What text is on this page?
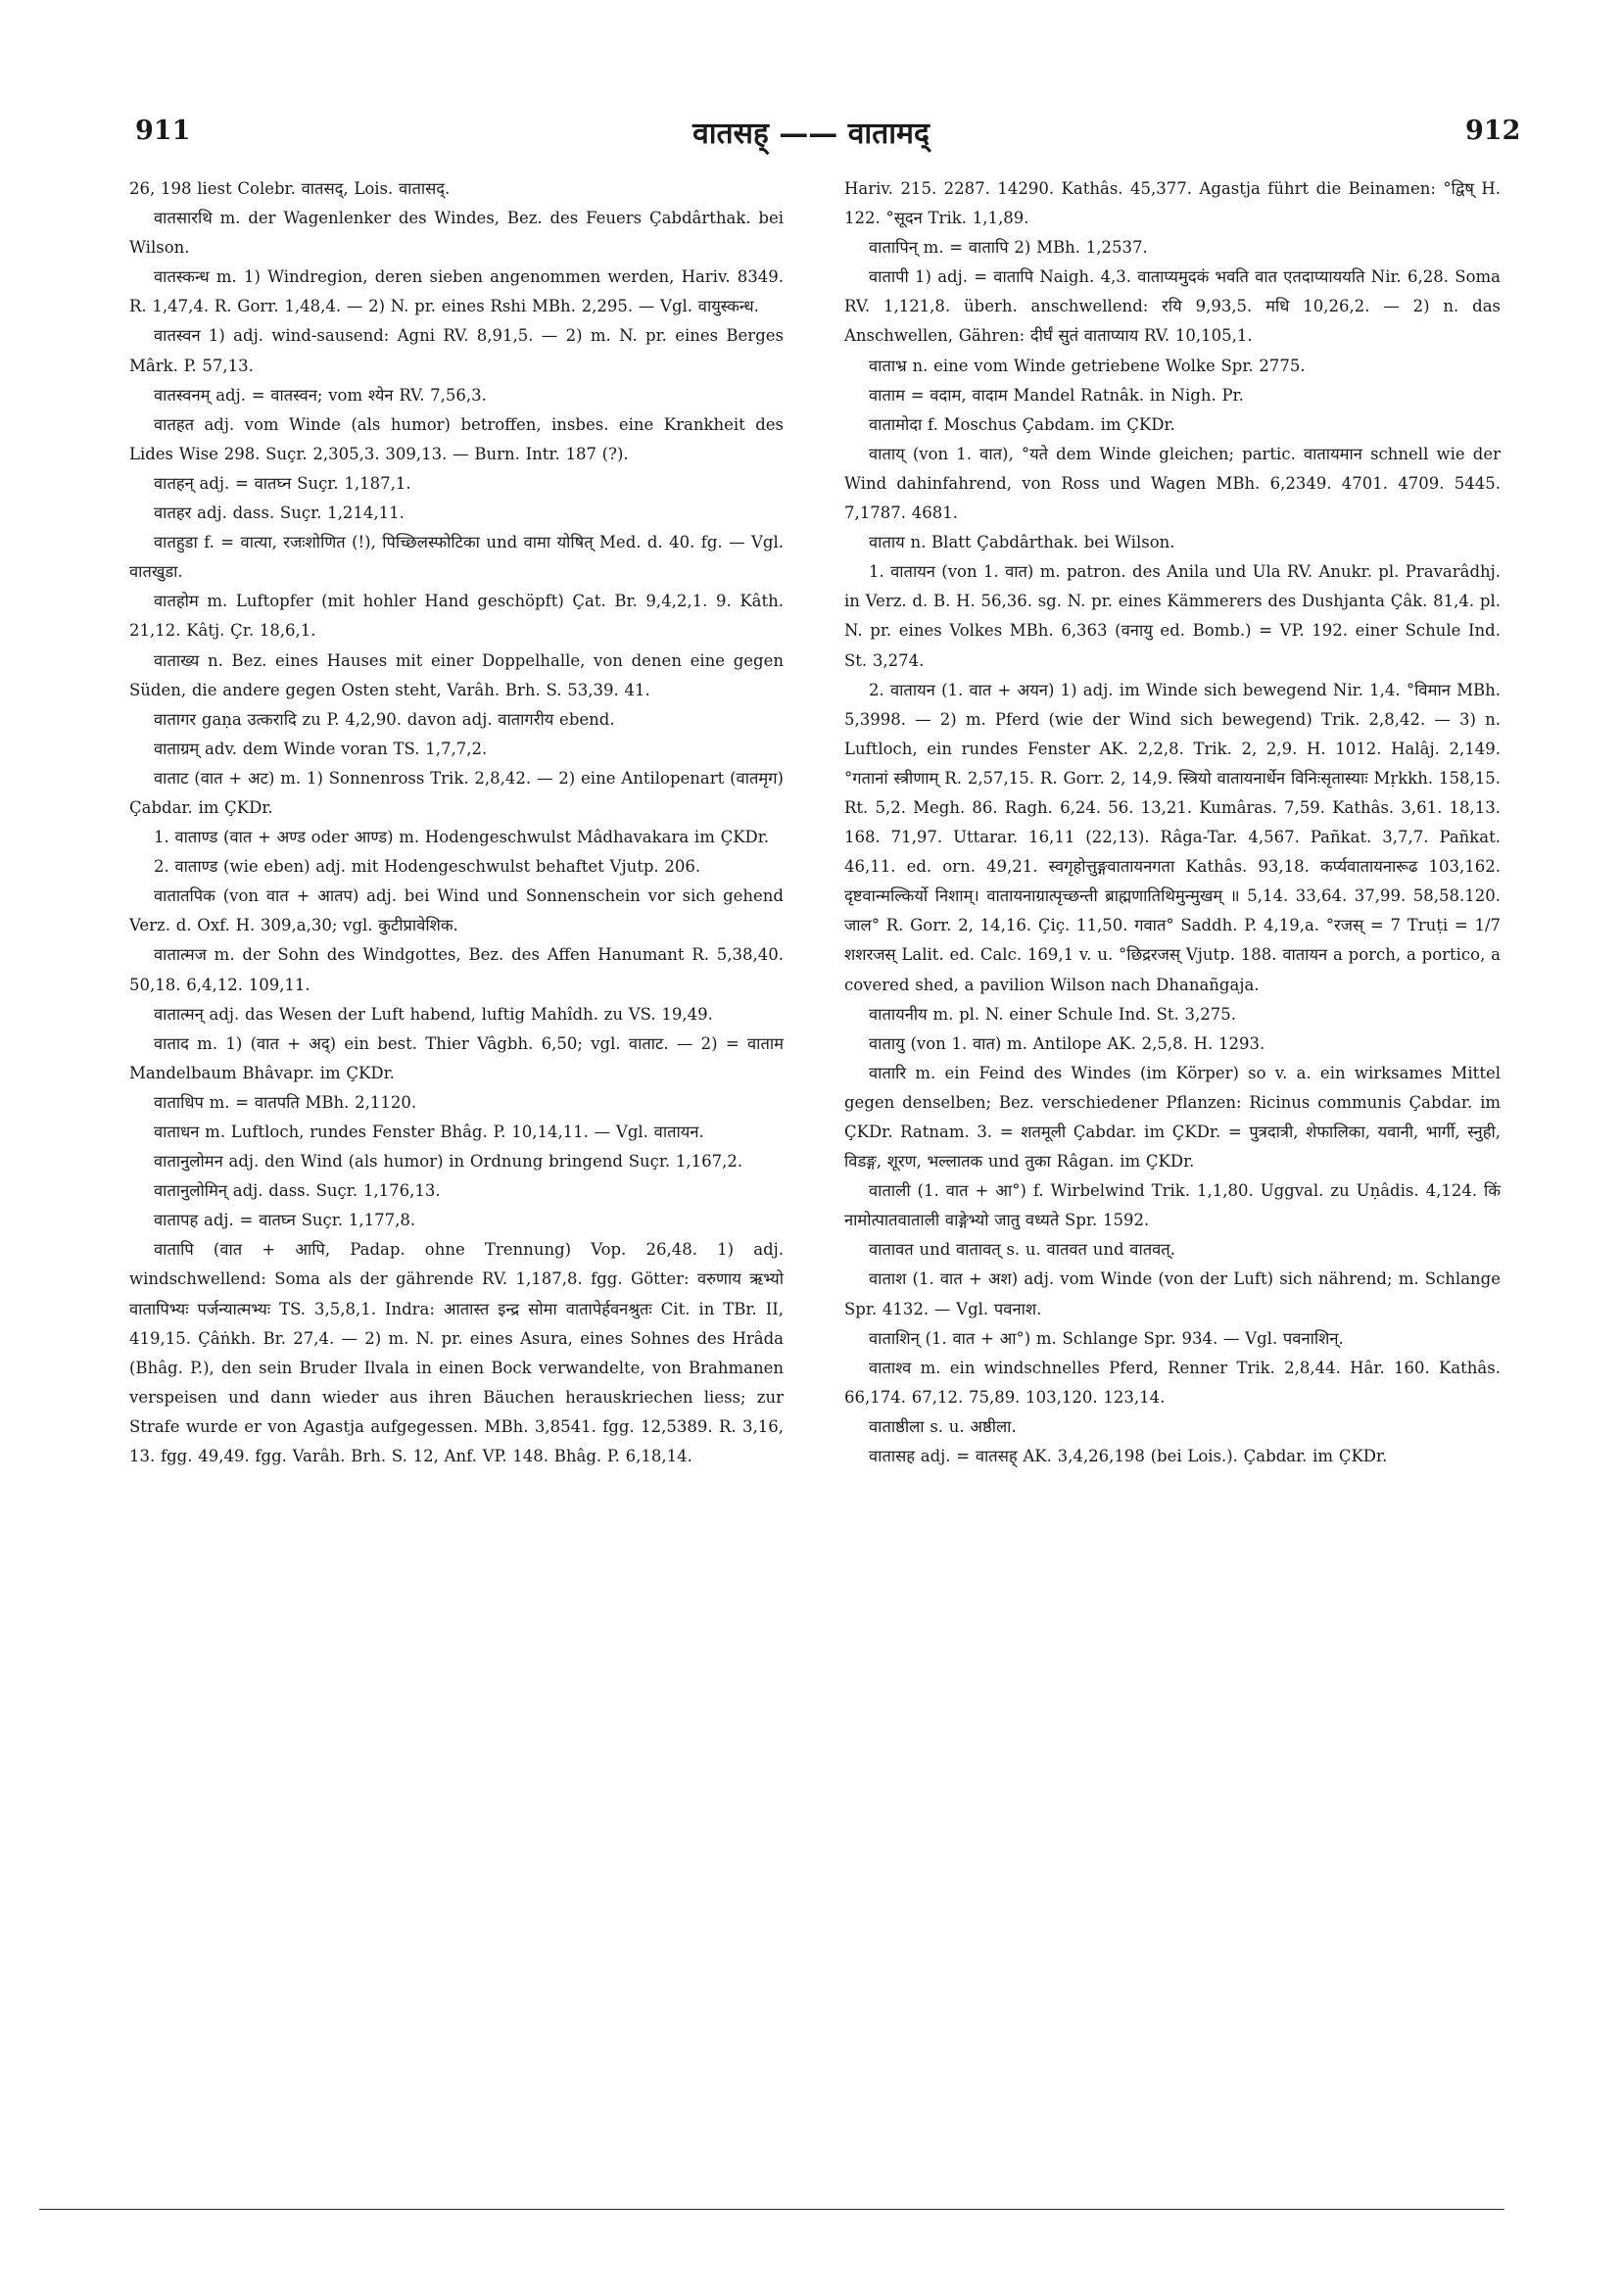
911	वातसह् —— वातामद्	912

26, 198 liest Colebr. वातसद्, Lois. वातासद्.

वातसारथि m. der Wagenlenker des Windes, Bez. des Feuers Çabdârthak. bei Wilson.

वातस्कन्ध m. 1) Windregion, deren sieben angenommen werden, Hariv. 8349. R. 1,47,4. R. Gorr. 1,48,4. — 2) N. pr. eines Rshi MBh. 2,295. — Vgl. वायुस्कन्ध.

वातस्वन 1) adj. wind-sausend: Agni RV. 8,91,5. — 2) m. N. pr. eines Berges Mârk. P. 57,13.

वातस्वनम् adj. = वातस्वन; vom श्येन RV. 7,56,3.

वातहत adj. vom Winde (als humor) betroffen, insbes. eine Krankheit des Lides Wise 298. Suçr. 2,305,3. 309,13. — Burn. Intr. 187 (?).

वातहन् adj. = वातघ्न Suçr. 1,187,1.

वातहर adj. dass. Suçr. 1,214,11.

वातहुडा f. = वात्या, रजःशोणित (!), पिच्छिलस्फोटिका und वामा योषित् Med. d. 40. fg. — Vgl. वातखुडा.

वातहोम m. Luftopfer (mit hohler Hand geschöpft) Çat. Br. 9,4,2,1. 9. Kâth. 21,12. Kâtj. Çr. 18,6,1.

वाताख्य n. Bez. eines Hauses mit einer Doppelhalle, von denen eine gegen Süden, die andere gegen Osten steht, Varâh. Brh. S. 53,39. 41.

वातागर gaṇa उत्करादि zu P. 4,2,90. davon adj. वातागरीय ebend.

वाताग्रम् adv. dem Winde voran TS. 1,7,7,2.

वाताट (वात + अट) m. 1) Sonnenross Trik. 2,8,42. — 2) eine Antilopenart (वातमृग) Çabdar. im ÇKDr.

1. वाताण्ड (वात + अण्ड oder आण्ड) m. Hodengeschwulst Mâdhavakara im ÇKDr.

2. वाताण्ड (wie eben) adj. mit Hodengeschwulst behaftet Vjutp. 206.

वातातपिक (von वात + आतप) adj. bei Wind und Sonnenschein vor sich gehend Verz. d. Oxf. H. 309,a,30; vgl. कुटीप्रावेशिक.

वातात्मज m. der Sohn des Windgottes, Bez. des Affen Hanumant R. 5,38,40. 50,18. 6,4,12. 109,11.

वातात्मन् adj. das Wesen der Luft habend, luftig Mahîdh. zu VS. 19,49.

वाताद m. 1) (वात + अद्) ein best. Thier Vâgbh. 6,50; vgl. वाताट. — 2) = वाताम Mandelbaum Bhâvapr. im ÇKDr.

वाताधिप m. = वातपति MBh. 2,1120.

वाताधन m. Luftloch, rundes Fenster Bhâg. P. 10,14,11. — Vgl. वातायन.

वातानुलोमन adj. den Wind (als humor) in Ordnung bringend Suçr. 1,167,2.

वातानुलोमिन् adj. dass. Suçr. 1,176,13.

वातापह adj. = वातघ्न Suçr. 1,177,8.

वातापि (वात + आपि, Padap. ohne Trennung) Vop. 26,48. 1) adj. windschwellend: Soma als der gährende RV. 1,187,8. fgg. Götter: वरुणाय ऋभ्यो वातापिभ्यः पर्जन्यात्मभ्यः TS. 3,5,8,1. Indra: आतास्त इन्द्र सोमा वातापेर्हवनश्रुतः Cit. in TBr. II, 419,15. Çâṅkh. Br. 27,4. — 2) m. N. pr. eines Asura, eines Sohnes des Hrâda (Bhâg. P.), den sein Bruder Ilvala in einen Bock verwandelte, von Brahmanen verspeisen und dann wieder aus ihren Bäuchen herauskriechen liess; zur Strafe wurde er von Agastja aufgegessen. MBh. 3,8541. fgg. 12,5389. R. 3,16, 13. fgg. 49,49. fgg. Varâh. Brh. S. 12, Anf. VP. 148. Bhâg. P. 6,18,14.

Hariv. 215. 2287. 14290. Kathâs. 45,377. Agastja führt die Beinamen: °द्विष् H. 122. °सूदन Trik. 1,1,89.

वातापिन् m. = वातापि 2) MBh. 1,2537.

वातापी 1) adj. = वातापि Naigh. 4,3. वाताप्यमुदकं भवति वात एतदाप्याययति Nir. 6,28. Soma RV. 1,121,8. überh. anschwellend: रयि 9,93,5. मधि 10,26,2. — 2) n. das Anschwellen, Gähren: दीर्घं सुतं वाताप्याय RV. 10,105,1.

वाताभ्र n. eine vom Winde getriebene Wolke Spr. 2775.

वाताम = वदाम, वादाम Mandel Ratnâk. in Nigh. Pr.

वातामोदा f. Moschus Çabdam. im ÇKDr.

वाताय् (von 1. वात), °यते dem Winde gleichen; partic. वातायमान schnell wie der Wind dahinfahrend, von Ross und Wagen MBh. 6,2349. 4701. 4709. 5445. 7,1787. 4681.

वाताय n. Blatt Çabdârthak. bei Wilson.

1. वातायन (von 1. वात) m. patron. des Anila und Ula RV. Anukr. pl. Pravarâdhj. in Verz. d. B. H. 56,36. sg. N. pr. eines Kämmerers des Dushjanta Çâk. 81,4. pl. N. pr. eines Volkes MBh. 6,363 (वनायु ed. Bomb.) = VP. 192. einer Schule Ind. St. 3,274.

2. वातायन (1. वात + अयन) 1) adj. im Winde sich bewegend Nir. 1,4. °विमान MBh. 5,3998. — 2) m. Pferd (wie der Wind sich bewegend) Trik. 2,8,42. — 3) n. Luftloch, ein rundes Fenster AK. 2,2,8. Trik. 2, 2,9. H. 1012. Halâj. 2,149. °गतानां स्त्रीणाम् R. 2,57,15. R. Gorr. 2, 14,9. स्त्रियो वातायनार्धेन विनिःसृतास्याः Mṛkkh. 158,15. Rt. 5,2. Megh. 86. Ragh. 6,24. 56. 13,21. Kumâras. 7,59. Kathâs. 3,61. 18,13. 168. 71,97. Uttarar. 16,11 (22,13). Râga-Tar. 4,567. Pañkat. 3,7,7. Pañkat. 46,11. ed. orn. 49,21. स्वगृहोत्तुङ्गवातायनगता Kathâs. 93,18. कर्प्यवातायनारूढ 103,162. दृष्टवान्मल्किर्यो निशाम्। वातायनाग्रात्पृच्छन्ती ब्राह्मणातिथिमुन्मुखम् ॥ 5,14. 33,64. 37,99. 58,58.120. जाल° R. Gorr. 2, 14,16. Çiç. 11,50. गवात° Saddh. P. 4,19,a. °रजस् = 7 Truṭi = 1/7 शशरजस् Lalit. ed. Calc. 169,1 v. u. °छिद्ररजस् Vjutp. 188. वातायन a porch, a portico, a covered shed, a pavilion Wilson nach Dhanañgaja.

वातायनीय m. pl. N. einer Schule Ind. St. 3,275.

वातायु (von 1. वात) m. Antilope AK. 2,5,8. H. 1293.

वातारि m. ein Feind des Windes (im Körper) so v. a. ein wirksames Mittel gegen denselben; Bez. verschiedener Pflanzen: Ricinus communis Çabdar. im ÇKDr. Ratnam. 3. = शतमूली Çabdar. im ÇKDr. = पुत्रदात्री, शेफालिका, यवानी, भार्गी, स्नुही, विडङ्ग, शूरण, भल्लातक und तुका Râgan. im ÇKDr.

वाताली (1. वात + आ°) f. Wirbelwind Trik. 1,1,80. Uggval. zu Uṇâdis. 4,124. किं नामोत्पातवाताली वाङ्गेभ्यो जातु वध्यते Spr. 1592.

वातावत und वातावत् s. u. वातवत und वातवत्.

वाताश (1. वात + अश) adj. vom Winde (von der Luft) sich nährend; m. Schlange Spr. 4132. — Vgl. पवनाश.

वाताशिन् (1. वात + आ°) m. Schlange Spr. 934. — Vgl. पवनाशिन्.

वाताश्व m. ein windschnelles Pferd, Renner Trik. 2,8,44. Hâr. 160. Kathâs. 66,174. 67,12. 75,89. 103,120. 123,14.

वाताष्ठीला s. u. अष्ठीला.

वातासह adj. = वातसह् AK. 3,4,26,198 (bei Lois.). Çabdar. im ÇKDr.
